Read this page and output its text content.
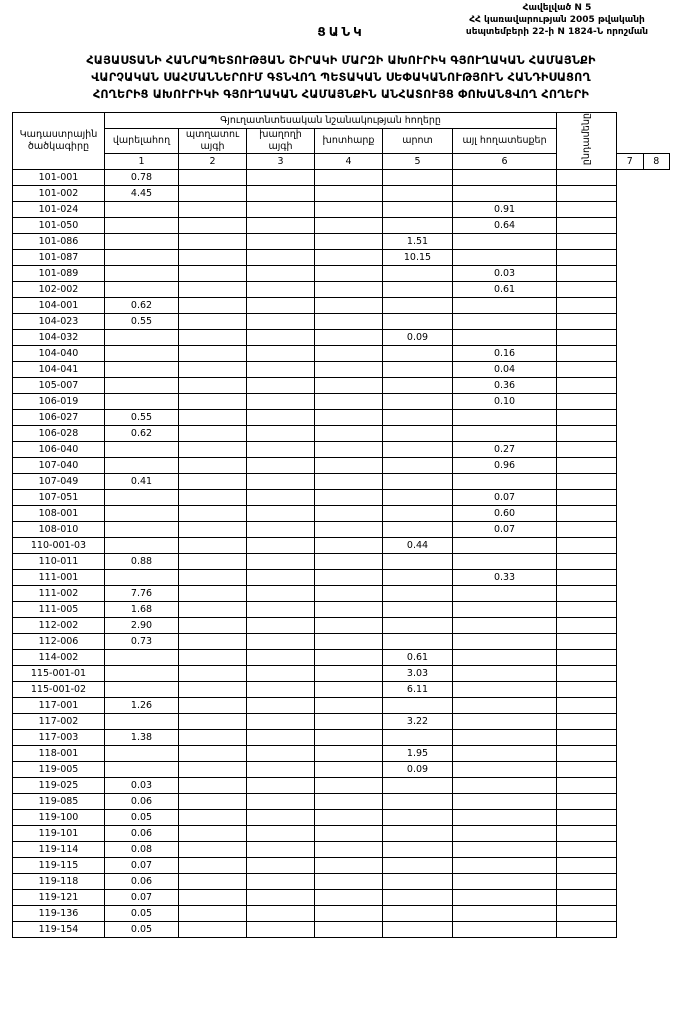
Հավելված N 5
ՀՀ կառավարության 2005 թվականի
սեպտեմբերի 22-ի N 1824-Ն որոշման
ՑԱՆԿ
ՀԱՅԱՍՏԱՆԻ ՀԱՆՐԱՊԵՏՈՒԹՅԱՆ ՇԻՐԱԿԻ ՄԱՐԶԻ ԱԽՈՒՐԻԿ ԳՅՈՒՂԱԿԱՆ ՀԱՄԱՅՆՔԻ
ՎԱՐՉԱԿԱՆ ՍԱՀՄԱՆՆԵՐՈՒՄ ԳՏՆՎՈՂ ՊԵՏԱԿԱՆ ՍԵՓԱԿԱՆՈՒԹՅՈՒՆ ՀԱՆԴԻՍԱՑՈՂ
ՀՈՂԵՐԻՑ ԱԽՈՒՐԻԿԻ ԳՅՈՒՂԱԿԱՆ ՀԱՄԱՅՆՔԻՆ ԱՆՀԱՏՈՒՅՑ ՓՈԽԱՆՑՎՈՂ ՀՈՂԵՐԻ
Կադաստրային ծածկագիրը	Գյուղատնտեսական նշանակության հողերը						ընդամենը		
	վարելահող	պտղատու այգի	խաղողի այգի	խոտհարք	արոտ	այլ հողատեսքեր			
	1	2	3	4	5	6		7	8
101-001	0.78								
101-002	4.45								
101-024						0.91			
101-050						0.64			
101-086					1.51				
101-087					10.15				
101-089						0.03			
102-002						0.61			
104-001	0.62								
104-023	0.55								
104-032					0.09				
104-040						0.16			
104-041						0.04			
105-007						0.36			
106-019						0.10			
106-027	0.55								
106-028	0.62								
106-040						0.27			
107-040						0.96			
107-049	0.41								
107-051						0.07			
108-001						0.60			
108-010						0.07			
110-001-03					0.44				
110-011	0.88								
111-001						0.33			
111-002	7.76								
111-005	1.68								
112-002	2.90								
112-006	0.73								
114-002					0.61				
115-001-01					3.03				
115-001-02					6.11				
117-001	1.26								
117-002					3.22				
117-003	1.38								
118-001					1.95				
119-005					0.09				
119-025	0.03								
119-085	0.06								
119-100	0.05								
119-101	0.06								
119-114	0.08								
119-115	0.07								
119-118	0.06								
119-121	0.07								
119-136	0.05								
119-154	0.05								
